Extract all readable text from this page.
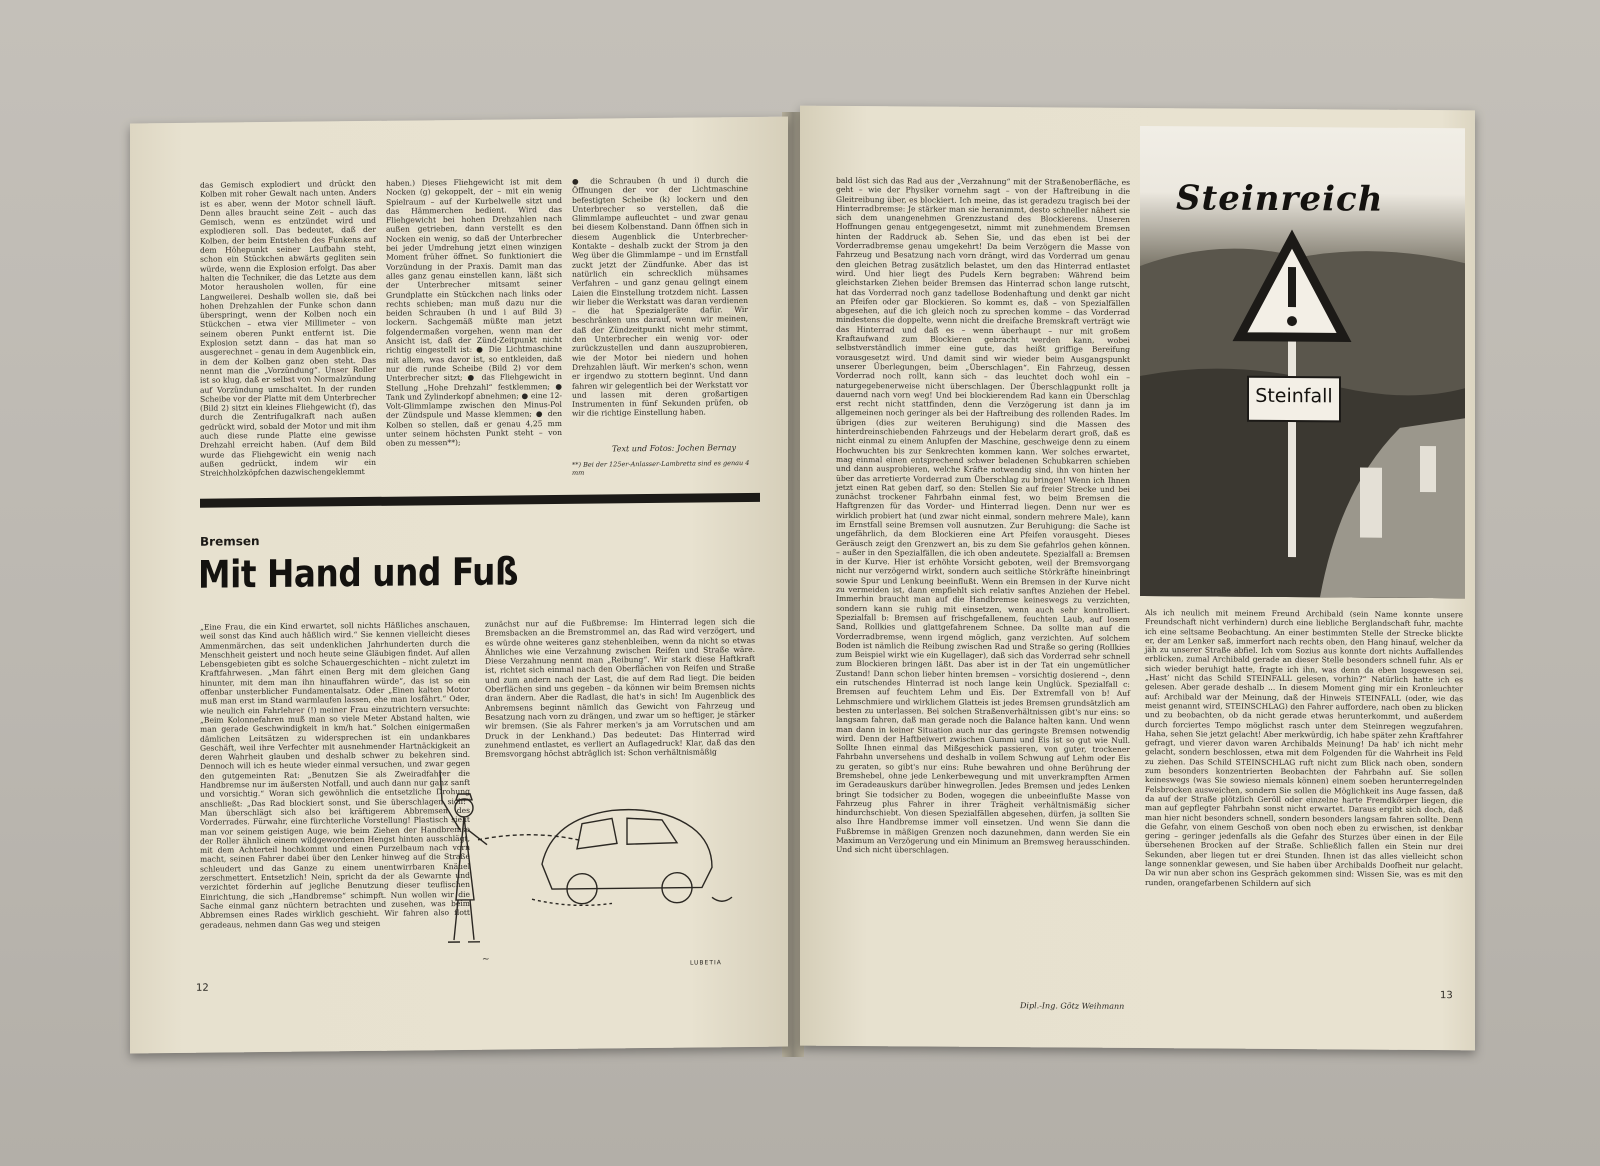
das Gemisch explodiert und drückt den Kolben mit roher Gewalt nach unten. Anders ist es aber, wenn der Motor schnell läuft. Denn alles braucht seine Zeit – auch das Gemisch, wenn es entzündet wird und explodieren soll. Das bedeutet, daß der Kolben, der beim Entstehen des Funkens auf dem Höhepunkt seiner Laufbahn steht, schon ein Stückchen abwärts gegliten sein würde, wenn die Explosion erfolgt. Das aber halten die Techniker, die das Letzte aus dem Motor herausholen wollen, für eine Langweilerei. Deshalb wollen sie, daß bei hohen Drehzahlen der Funke schon dann überspringt, wenn der Kolben noch ein Stückchen – etwa vier Millimeter – von seinem oberen Punkt entfernt ist. Die Explosion setzt dann – das hat man so ausgerechnet – genau in dem Augenblick ein, in dem der Kolben ganz oben steht. Das nennt man die „Vorzündung“. Unser Roller ist so klug, daß er selbst von Normalzündung auf Vorzündung umschaltet. In der runden Scheibe vor der Platte mit dem Unterbrecher (Bild 2) sitzt ein kleines Fliehgewicht (f), das durch die Zentrifugalkraft nach außen gedrückt wird, sobald der Motor und mit ihm auch diese runde Platte eine gewisse Drehzahl erreicht haben. (Auf dem Bild wurde das Fliehgewicht ein wenig nach außen gedrückt, indem wir ein Streichholzköpfchen dazwischengeklemmt
haben.) Dieses Fliehgewicht ist mit dem Nocken (g) gekoppelt, der – mit ein wenig Spielraum – auf der Kurbelwelle sitzt und das Hämmerchen bedient. Wird das Fliehgewicht bei hohen Drehzahlen nach außen getrieben, dann verstellt es den Nocken ein wenig, so daß der Unterbrecher bei jeder Umdrehung jetzt einen winzigen Moment früher öffnet. So funktioniert die Vorzündung in der Praxis. Damit man das alles ganz genau einstellen kann, läßt sich der Unterbrecher mitsamt seiner Grundplatte ein Stückchen nach links oder rechts schieben; man muß dazu nur die beiden Schrauben (h und i auf Bild 3) lockern. Sachgemäß müßte man jetzt folgendermaßen vorgehen, wenn man der Ansicht ist, daß der Zünd-Zeitpunkt nicht richtig eingestellt ist: ● Die Lichtmaschine mit allem, was davor ist, so entkleiden, daß nur die runde Scheibe (Bild 2) vor dem Unterbrecher sitzt; ● das Fliehgewicht in Stellung „Hohe Drehzahl“ festklemmen; ● Tank und Zylinderkopf abnehmen; ● eine 12-Volt-Glimmlampe zwischen den Minus-Pol der Zündspule und Masse klemmen; ● den Kolben so stellen, daß er genau 4,25 mm unter seinem höchsten Punkt steht – von oben zu messen**);
● die Schrauben (h und i) durch die Öffnungen der vor der Lichtmaschine befestigten Scheibe (k) lockern und den Unterbrecher so verstellen, daß die Glimmlampe aufleuchtet – und zwar genau bei diesem Kolbenstand. Dann öffnen sich in diesem Augenblick die Unterbrecher-Kontakte – deshalb zuckt der Strom ja den Weg über die Glimmlampe – und im Ernstfall zuckt jetzt der Zündfunke. Aber das ist natürlich ein schrecklich mühsames Verfahren – und ganz genau gelingt einem Laien die Einstellung trotzdem nicht. Lassen wir lieber die Werkstatt was daran verdienen – die hat Spezialgeräte dafür. Wir beschränken uns darauf, wenn wir meinen, daß der Zündzeitpunkt nicht mehr stimmt, den Unterbrecher ein wenig vor- oder zurückzustellen und dann auszuprobieren, wie der Motor bei niedern und hohen Drehzahlen läuft. Wir merken's schon, wenn er irgendwo zu stottern beginnt. Und dann fahren wir gelegentlich bei der Werkstatt vor und lassen mit deren großartigen Instrumenten in fünf Sekunden prüfen, ob wir die richtige Einstellung haben.
Text und Fotos: Jochen Bernay
**) Bei der 125er-Anlasser-Lambretta sind es genau 4 mm
Bremsen
Mit Hand und Fuß
„Eine Frau, die ein Kind erwartet, soll nichts Häßliches anschauen, weil sonst das Kind auch häßlich wird.“ Sie kennen vielleicht dieses Ammenmärchen, das seit undenklichen Jahrhunderten durch die Menschheit geistert und noch heute seine Gläubigen findet. Auf allen Lebensgebieten gibt es solche Schauergeschichten – nicht zuletzt im Kraftfahrwesen. „Man fährt einen Berg mit dem gleichen Gang hinunter, mit dem man ihn hinauffahren würde“, das ist so ein offenbar unsterblicher Fundamentalsatz. Oder „Einen kalten Motor muß man erst im Stand warmlaufen lassen, ehe man losfährt.“ Oder, wie neulich ein Fahrlehrer (!) meiner Frau einzutrichtern versuchte: „Beim Kolonnefahren muß man so viele Meter Abstand halten, wie man gerade Geschwindigkeit in km/h hat.“ Solchen einigermaßen dämlichen Leitsätzen zu widersprechen ist ein undankbares Geschäft, weil ihre Verfechter mit ausnehmender Hartnäckigkeit an deren Wahrheit glauben und deshalb schwer zu bekehren sind. Dennoch will ich es heute wieder einmal versuchen, und zwar gegen den gutgemeinten Rat: „Benutzen Sie als Zweiradfahrer die Handbremse nur im äußersten Notfall, und auch dann nur ganz sanft und vorsichtig.“ Woran sich gewöhnlich die entsetzliche Drohung anschließt: „Das Rad blockiert sonst, und Sie überschlagen sich!“ Man überschlägt sich also bei kräftigerem Abbremsen des Vorderrades. Fürwahr, eine fürchterliche Vorstellung! Plastisch sieht man vor seinem geistigen Auge, wie beim Ziehen der Handbremse der Roller ähnlich einem wildgewordenen Hengst hinten ausschlägt, mit dem Achterteil hochkommt und einen Purzelbaum nach vorn macht, seinen Fahrer dabei über den Lenker hinweg auf die Straße schleudert und das Ganze zu einem unentwirrbaren Knäuel zerschmettert. Entsetzlich! Nein, spricht da der als Gewarnte und verzichtet förderhin auf jegliche Benutzung dieser teuflischen Einrichtung, die sich „Handbremse“ schimpft. Nun wollen wir die Sache einmal ganz nüchtern betrachten und zusehen, was beim Abbremsen eines Rades wirklich geschieht. Wir fahren also flott geradeaus, nehmen dann Gas weg und steigen
zunächst nur auf die Fußbremse: Im Hinterrad legen sich die Bremsbacken an die Bremstrommel an, das Rad wird verzögert, und es würde ohne weiteres ganz stehenbleiben, wenn da nicht so etwas Ähnliches wie eine Verzahnung zwischen Reifen und Straße wäre. Diese Verzahnung nennt man „Reibung“. Wir stark diese Haftkraft ist, richtet sich einmal nach den Oberflächen von Reifen und Straße und zum andern nach der Last, die auf dem Rad liegt. Die beiden Oberflächen sind uns gegeben – da können wir beim Bremsen nichts dran ändern. Aber die Radlast, die hat's in sich! Im Augenblick des Anbremsens beginnt nämlich das Gewicht von Fahrzeug und Besatzung nach vorn zu drängen, und zwar um so heftiger, je stärker wir bremsen. (Sie als Fahrer merken's ja am Vorrutschen und am Druck in der Lenkhand.) Das bedeutet: Das Hinterrad wird zunehmend entlastet, es verliert an Auflagedruck! Klar, daß das den Bremsvorgang höchst abträglich ist: Schon verhältnismäßig
~	LUBETIA
12
bald löst sich das Rad aus der „Verzahnung“ mit der Straßenoberfläche, es geht – wie der Physiker vornehm sagt – von der Haftreibung in die Gleitreibung über, es blockiert. Ich meine, das ist geradezu tragisch bei der Hinterradbremse: Je stärker man sie heranimmt, desto schneller nähert sie sich dem unangenehmen Grenzzustand des Blockierens. Unseren Hoffnungen genau entgegengesetzt, nimmt mit zunehmendem Bremsen hinten der Raddruck ab. Sehen Sie, und das eben ist bei der Vorderradbremse genau umgekehrt! Da beim Verzögern die Masse von Fahrzeug und Besatzung nach vorn drängt, wird das Vorderrad um genau den gleichen Betrag zusätzlich belastet, um den das Hinterrad entlastet wird. Und hier liegt des Pudels Kern begraben: Während beim gleichstarken Ziehen beider Bremsen das Hinterrad schon lange rutscht, hat das Vorderrad noch ganz tadellose Bodenhaftung und denkt gar nicht an Pfeifen oder gar Blockieren. So kommt es, daß – von Spezialfällen abgesehen, auf die ich gleich noch zu sprechen komme – das Vorderrad mindestens die doppelte, wenn nicht die dreifache Bremskraft verträgt wie das Hinterrad und daß es – wenn überhaupt – nur mit großem Kraftaufwand zum Blockieren gebracht werden kann, wobei selbstverständlich immer eine gute, das heißt griffige Bereifung vorausgesetzt wird. Und damit sind wir wieder beim Ausgangspunkt unserer Überlegungen, beim „Überschlagen“. Ein Fahrzeug, dessen Vorderrad noch rollt, kann sich – das leuchtet doch wohl ein – naturgegebenerweise nicht überschlagen. Der Überschlagpunkt rollt ja dauernd nach vorn weg! Und bei blockierendem Rad kann ein Überschlag erst recht nicht stattfinden, denn die Verzögerung ist dann ja im allgemeinen noch geringer als bei der Haftreibung des rollenden Rades. Im übrigen (dies zur weiteren Beruhigung) sind die Massen des hinterdreinschiebenden Fahrzeugs und der Hebelarm derart groß, daß es nicht einmal zu einem Anlupfen der Maschine, geschweige denn zu einem Hochwuchten bis zur Senkrechten kommen kann. Wer solches erwartet, mag einmal einen entsprechend schwer beladenen Schubkarren schieben und dann ausprobieren, welche Kräfte notwendig sind, ihn von hinten her über das arretierte Vorderrad zum Überschlag zu bringen! Wenn ich Ihnen jetzt einen Rat geben darf, so den: Stellen Sie auf freier Strecke und bei zunächst trockener Fahrbahn einmal fest, wo beim Bremsen die Haftgrenzen für das Vorder- und Hinterrad liegen. Denn nur wer es wirklich probiert hat (und zwar nicht einmal, sondern mehrere Male), kann im Ernstfall seine Bremsen voll ausnutzen. Zur Beruhigung: die Sache ist ungefährlich, da dem Blockieren eine Art Pfeifen vorausgeht. Dieses Geräusch zeigt den Grenzwert an, bis zu dem Sie gefahrlos gehen können. – außer in den Spezialfällen, die ich oben andeutete. Spezialfall a: Bremsen in der Kurve. Hier ist erhöhte Vorsicht geboten, weil der Bremsvorgang nicht nur verzögernd wirkt, sondern auch seitliche Störkräfte hineinbringt sowie Spur und Lenkung beeinflußt. Wenn ein Bremsen in der Kurve nicht zu vermeiden ist, dann empfiehlt sich relativ sanftes Anziehen der Hebel. Immerhin braucht man auf die Handbremse keineswegs zu verzichten, sondern kann sie ruhig mit einsetzen, wenn auch sehr kontrolliert. Spezialfall b: Bremsen auf frischgefallenem, feuchten Laub, auf losem Sand, Rollkies und glattgefahrenem Schnee. Da sollte man auf die Vorderradbremse, wenn irgend möglich, ganz verzichten. Auf solchem Boden ist nämlich die Reibung zwischen Rad und Straße so gering (Rollkies zum Beispiel wirkt wie ein Kugellager), daß sich das Vorderrad sehr schnell zum Blockieren bringen läßt. Das aber ist in der Tat ein ungemütlicher Zustand! Dann schon lieber hinten bremsen – vorsichtig dosierend –, denn ein rutschendes Hinterrad ist noch lange kein Unglück. Spezialfall c: Bremsen auf feuchtem Lehm und Eis. Der Extremfall von b! Auf Lehmschmiere und wirklichem Glatteis ist jedes Bremsen grundsätzlich am besten zu unterlassen. Bei solchen Straßenverhältnissen gibt's nur eins: so langsam fahren, daß man gerade noch die Balance halten kann. Und wenn man dann in keiner Situation auch nur das geringste Bremsen notwendig wird. Denn der Haftbeiwert zwischen Gummi und Eis ist so gut wie Null. Sollte Ihnen einmal das Mißgeschick passieren, von guter, trockener Fahrbahn unversehens und deshalb in vollem Schwung auf Lehm oder Eis zu geraten, so gibt's nur eins: Ruhe bewahren und ohne Berührung der Bremshebel, ohne jede Lenkerbewegung und mit unverkrampften Armen im Geradeauskurs darüber hinwegrollen. Jedes Bremsen und jedes Lenken bringt Sie todsicher zu Boden, wogegen die unbeeinflußte Masse von Fahrzeug plus Fahrer in ihrer Trägheit verhältnismäßig sicher hindurchschiebt. Von diesen Spezialfällen abgesehen, dürfen, ja sollten Sie also Ihre Handbremse immer voll einsetzen. Und wenn Sie dann die Fußbremse in mäßigen Grenzen noch dazunehmen, dann werden Sie ein Maximum an Verzögerung und ein Minimum an Bremsweg herausschinden. Und sich nicht überschlagen.
Dipl.-Ing. Götz Weihmann
Steinreich
Steinfall
Als ich neulich mit meinem Freund Archibald (sein Name konnte unsere Freundschaft nicht verhindern) durch eine liebliche Berglandschaft fuhr, machte ich eine seltsame Beobachtung. An einer bestimmten Stelle der Strecke blickte er, der am Lenker saß, immerfort nach rechts oben, den Hang hinauf, welcher da jäh zu unserer Straße abfiel. Ich vom Sozius aus konnte dort nichts Auffallendes erblicken, zumal Archibald gerade an dieser Stelle besonders schnell fuhr. Als er sich wieder beruhigt hatte, fragte ich ihn, was denn da eben losgewesen sei. „Hast’ nicht das Schild STEINFALL gelesen, vorhin?“ Natürlich hatte ich es gelesen. Aber gerade deshalb ... In diesem Moment ging mir ein Kronleuchter auf: Archibald war der Meinung, daß der Hinweis STEINFALL (oder, wie das meist genannt wird, STEINSCHLAG) den Fahrer auffordere, nach oben zu blicken und zu beobachten, ob da nicht gerade etwas herunterkommt, und außerdem durch forciertes Tempo möglichst rasch unter dem Steinregen wegzufahren. Haha, sehen Sie jetzt gelacht! Aber merkwürdig, ich habe später zehn Kraftfahrer gefragt, und vierer davon waren Archibalds Meinung! Da hab' ich nicht mehr gelacht, sondern beschlossen, etwa mit dem Folgenden für die Wahrheit ins Feld zu ziehen. Das Schild STEINSCHLAG ruft nicht zum Blick nach oben, sondern zum besonders konzentrierten Beobachten der Fahrbahn auf. Sie sollen keineswegs (was Sie sowieso niemals können) einem soeben herunterregelnden Felsbrocken ausweichen, sondern Sie sollen die Möglichkeit ins Auge fassen, daß da auf der Straße plötzlich Geröll oder einzelne harte Fremdkörper liegen, die man auf gepflegter Fahrbahn sonst nicht erwartet. Daraus ergibt sich doch, daß man hier nicht besonders schnell, sondern besonders langsam fahren sollte. Denn die Gefahr, von einem Geschoß von oben noch eben zu erwischen, ist denkbar gering – geringer jedenfalls als die Gefahr des Sturzes über einen in der Eile übersehenen Brocken auf der Straße. Schließlich fallen ein Stein nur drei Sekunden, aber liegen tut er drei Stunden. Ihnen ist das alles vielleicht schon lange sonnenklar gewesen, und Sie haben über Archibalds Doofheit nur gelacht. Da wir nun aber schon ins Gespräch gekommen sind: Wissen Sie, was es mit den runden, orangefarbenen Schildern auf sich
13
